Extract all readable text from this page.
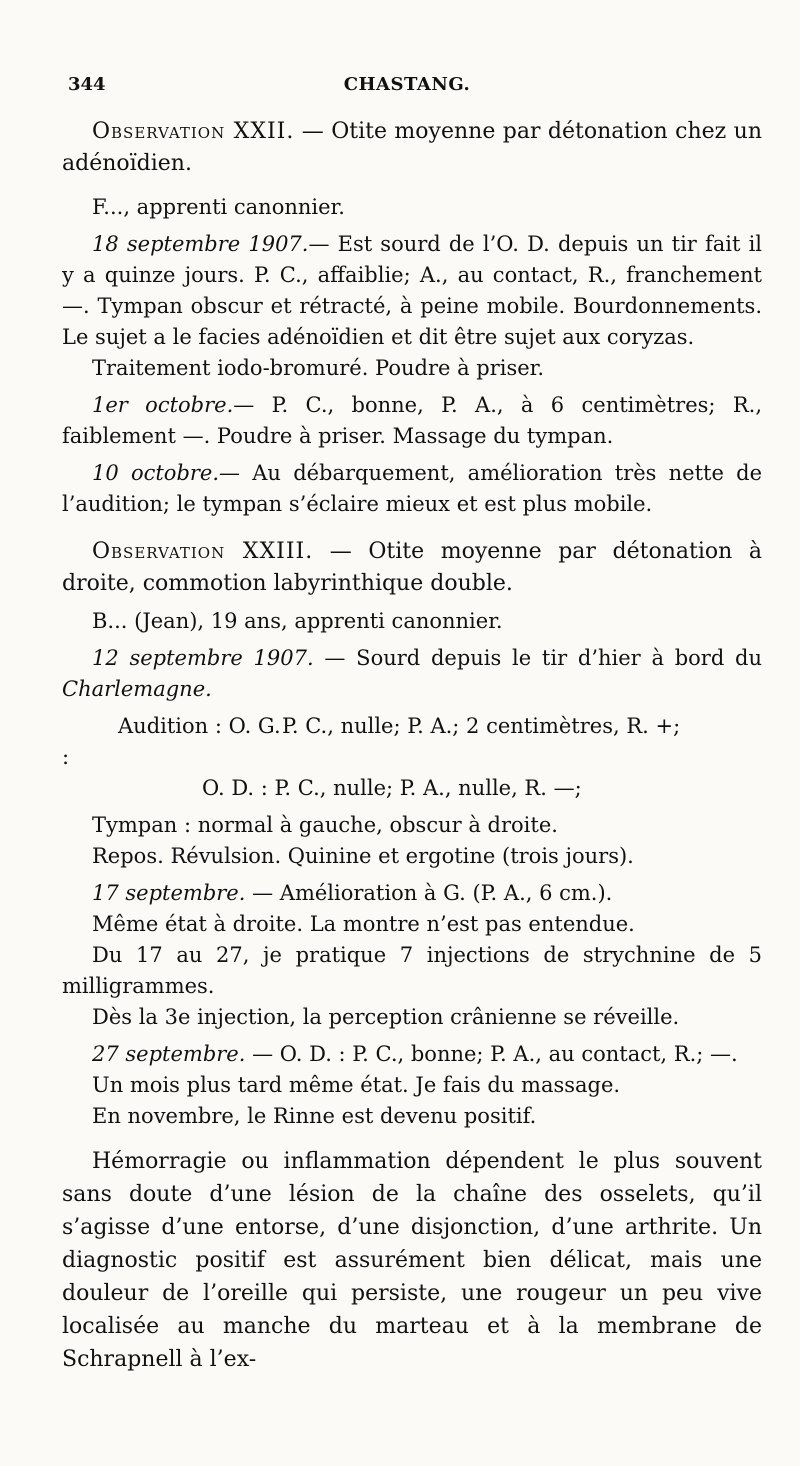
344	CHASTANG.

Observation XXII. — Otite moyenne par détonation chez un adénoïdien.

F..., apprenti canonnier.

18 septembre 1907.— Est sourd de l’O. D. depuis un tir fait il y a quinze jours. P. C., affaiblie; A., au contact, R., franchement —. Tympan obscur et rétracté, à peine mobile. Bourdonnements. Le sujet a le facies adénoïdien et dit être sujet aux coryzas.

Traitement iodo-bromuré. Poudre à priser.

1er octobre.— P. C., bonne, P. A., à 6 centimètres; R., faiblement —. Poudre à priser. Massage du tympan.

10 octobre.— Au débarquement, amélioration très nette de l’audition; le tympan s’éclaire mieux et est plus mobile.

Observation XXIII. — Otite moyenne par détonation à droite, commotion labyrinthique double.

B... (Jean), 19 ans, apprenti canonnier.

12 septembre 1907. — Sourd depuis le tir d’hier à bord du Charlemagne.

Audition : O. G. :
P. C., nulle; P. A.; 2 centimètres, R. +;
O. D. : P. C., nulle; P. A., nulle, R. —;

Tympan : normal à gauche, obscur à droite.

Repos. Révulsion. Quinine et ergotine (trois jours).

17 septembre. — Amélioration à G. (P. A., 6 cm.).

Même état à droite. La montre n’est pas entendue.

Du 17 au 27, je pratique 7 injections de strychnine de 5 milligrammes.

Dès la 3e injection, la perception crânienne se réveille.

27 septembre. — O. D. : P. C., bonne; P. A., au contact, R.; —.

Un mois plus tard même état. Je fais du massage.

En novembre, le Rinne est devenu positif.

Hémorragie ou inflammation dépendent le plus souvent sans doute d’une lésion de la chaîne des osselets, qu’il s’agisse d’une entorse, d’une disjonction, d’une arthrite. Un diagnostic positif est assurément bien délicat, mais une douleur de l’oreille qui persiste, une rougeur un peu vive localisée au manche du marteau et à la membrane de Schrapnell à l’ex-
